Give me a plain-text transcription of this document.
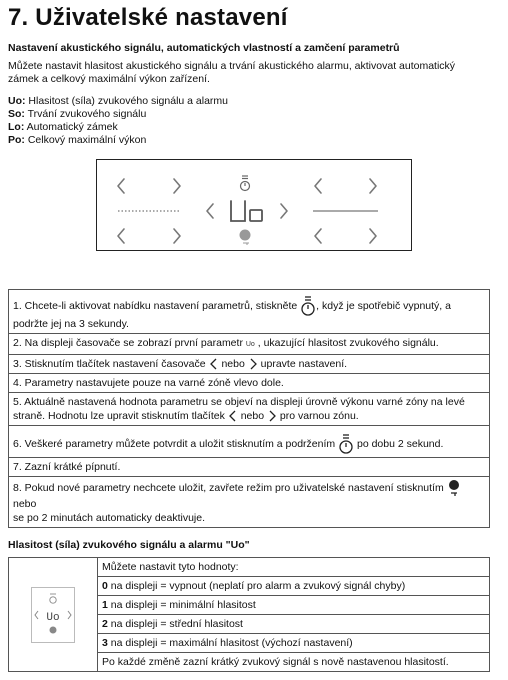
7. Uživatelské nastavení
Nastavení akustického signálu, automatických vlastností a zamčení parametrů
Můžete nastavit hlasitost akustického signálu a trvání akustického alarmu, aktivovat automatický zámek a celkový maximální výkon zařízení.
Uo: Hlasitost (síla) zvukového signálu a alarmu
So: Trvání zvukového signálu
Lo: Automatický zámek
Po: Celkový maximální výkon
1. Chcete-li aktivovat nabídku nastavení parametrů, stiskněte , když je spotřebič vypnutý, a
podržte jej na 3 sekundy.
2. Na displeji časovače se zobrazí první parametr Uo , ukazující hlasitost zvukového signálu.
3. Stisknutím tlačítek nastavení časovače nebo upravte nastavení.
4. Parametry nastavujete pouze na varné zóně vlevo dole.
5. Aktuálně nastavená hodnota parametru se objeví na displeji úrovně výkonu varné zóny na levé
straně. Hodnotu lze upravit stisknutím tlačítek nebo pro varnou zónu.
6. Veškeré parametry můžete potvrdit a uložit stisknutím a podržením po dobu 2 sekund.
7. Zazní krátké pípnutí.
8. Pokud nové parametry nechcete uložit, zavřete režim pro uživatelské nastavení stisknutím  nebo
se po 2 minutách automaticky deaktivuje.
Hlasitost (síla) zvukového signálu a alarmu "Uo"
Uo
	Můžete nastavit tyto hodnoty:
0 na displeji = vypnout (neplatí pro alarm a zvukový signál chyby)
1 na displeji = minimální hlasitost
2 na displeji = střední hlasitost
3 na displeji = maximální hlasitost (výchozí nastavení)
Po každé změně zazní krátký zvukový signál s nově nastavenou hlasitostí.
